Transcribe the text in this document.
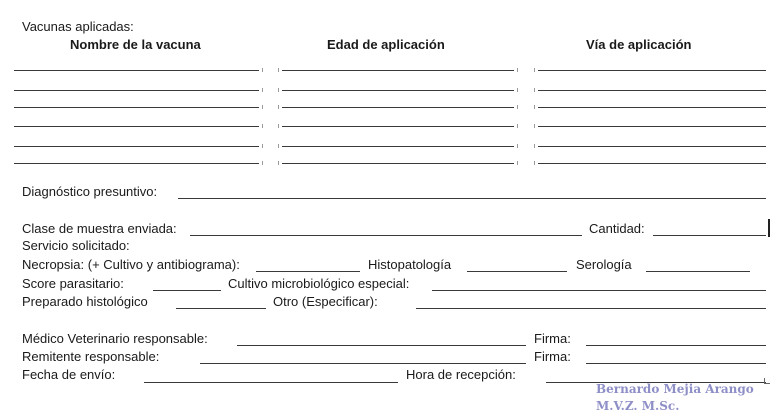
Vacunas aplicadas:
Nombre de la vacuna	Edad de aplicación	Vía de aplicación
Diagnóstico presuntivo:
Clase de muestra enviada:	Cantidad:
Servicio solicitado:
Necropsia: (+ Cultivo y antibiograma):	Histopatología	Serología
Score parasitario:	Cultivo microbiológico especial:
Preparado histológico	Otro (Especificar):
Médico Veterinario responsable:	Firma:
Remitente responsable:	Firma:
Fecha de envío:	Hora de recepción:
Bernardo Mejia Arango
M.V.Z. M.Sc.
